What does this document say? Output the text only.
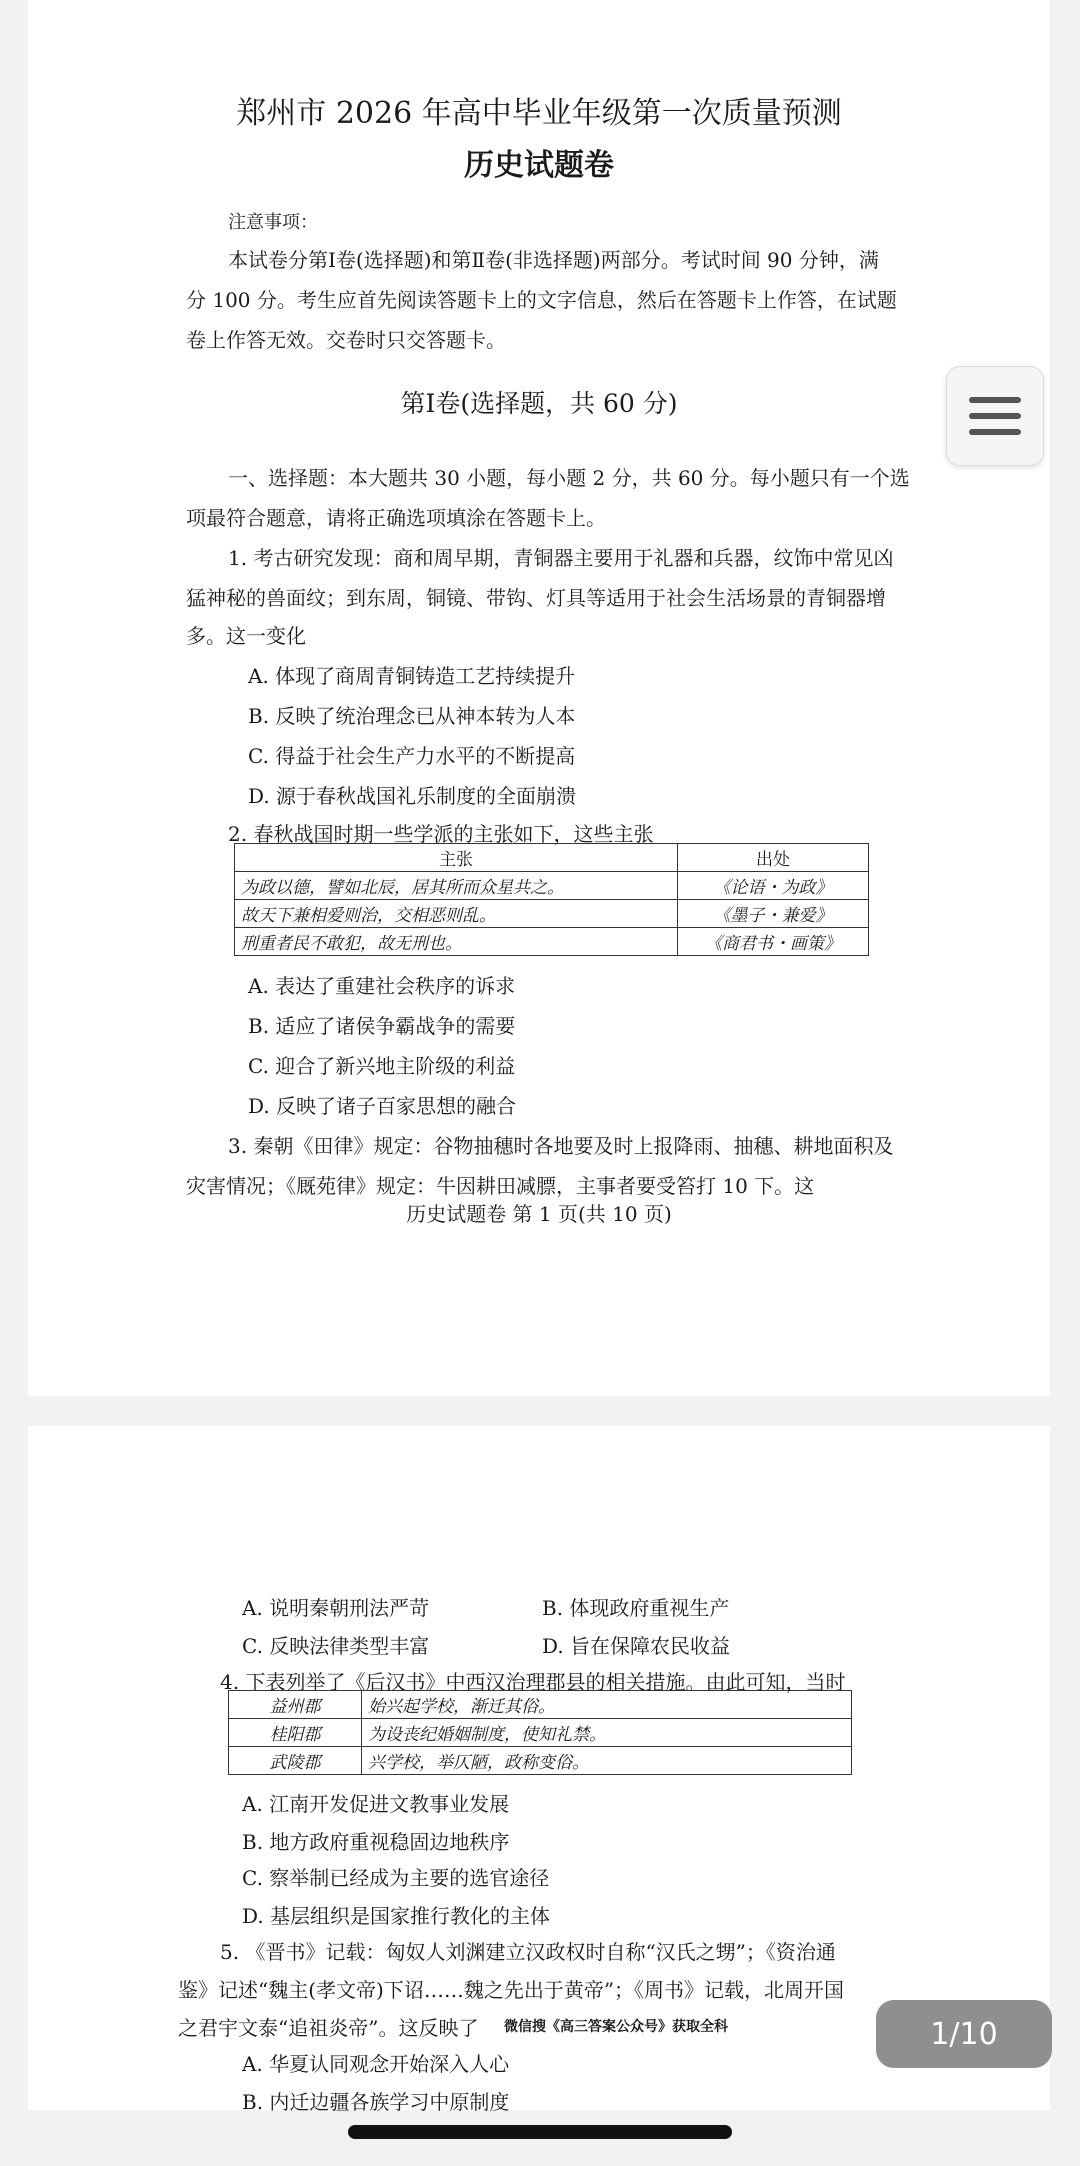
郑州市 2026 年高中毕业年级第一次质量预测
历史试题卷
注意事项：
本试卷分第Ⅰ卷(选择题)和第Ⅱ卷(非选择题)两部分。考试时间 90 分钟，满
分 100 分。考生应首先阅读答题卡上的文字信息，然后在答题卡上作答，在试题
卷上作答无效。交卷时只交答题卡。
第Ⅰ卷(选择题，共 60 分)
一、选择题：本大题共 30 小题，每小题 2 分，共 60 分。每小题只有一个选
项最符合题意，请将正确选项填涂在答题卡上。
1. 考古研究发现：商和周早期，青铜器主要用于礼器和兵器，纹饰中常见凶
猛神秘的兽面纹；到东周，铜镜、带钩、灯具等适用于社会生活场景的青铜器增
多。这一变化
A. 体现了商周青铜铸造工艺持续提升
B. 反映了统治理念已从神本转为人本
C. 得益于社会生产力水平的不断提高
D. 源于春秋战国礼乐制度的全面崩溃
2. 春秋战国时期一些学派的主张如下，这些主张
主张	出处
为政以德，譬如北辰，居其所而众星共之。	《论语・为政》
故天下兼相爱则治，交相恶则乱。	《墨子・兼爱》
刑重者民不敢犯，故无刑也。	《商君书・画策》
A. 表达了重建社会秩序的诉求
B. 适应了诸侯争霸战争的需要
C. 迎合了新兴地主阶级的利益
D. 反映了诸子百家思想的融合
3. 秦朝《田律》规定：谷物抽穗时各地要及时上报降雨、抽穗、耕地面积及
灾害情况；《厩苑律》规定：牛因耕田减膘，主事者要受笞打 10 下。这
历史试题卷 第 1 页(共 10 页)
A. 说明秦朝刑法严苛	B. 体现政府重视生产
C. 反映法律类型丰富	D. 旨在保障农民收益
4. 下表列举了《后汉书》中西汉治理郡县的相关措施。由此可知，当时
益州郡	始兴起学校，渐迁其俗。
桂阳郡	为设丧纪婚姻制度，使知礼禁。
武陵郡	兴学校，举仄陋，政称变俗。
A. 江南开发促进文教事业发展
B. 地方政府重视稳固边地秩序
C. 察举制已经成为主要的选官途径
D. 基层组织是国家推行教化的主体
5. 《晋书》记载：匈奴人刘渊建立汉政权时自称“汉氏之甥”；《资治通
鉴》记述“魏主(孝文帝)下诏……魏之先出于黄帝”；《周书》记载，北周开国
之君宇文泰“追祖炎帝”。这反映了 微信搜《高三答案公众号》获取全科
A. 华夏认同观念开始深入人心
B. 内迁边疆各族学习中原制度
1/10
